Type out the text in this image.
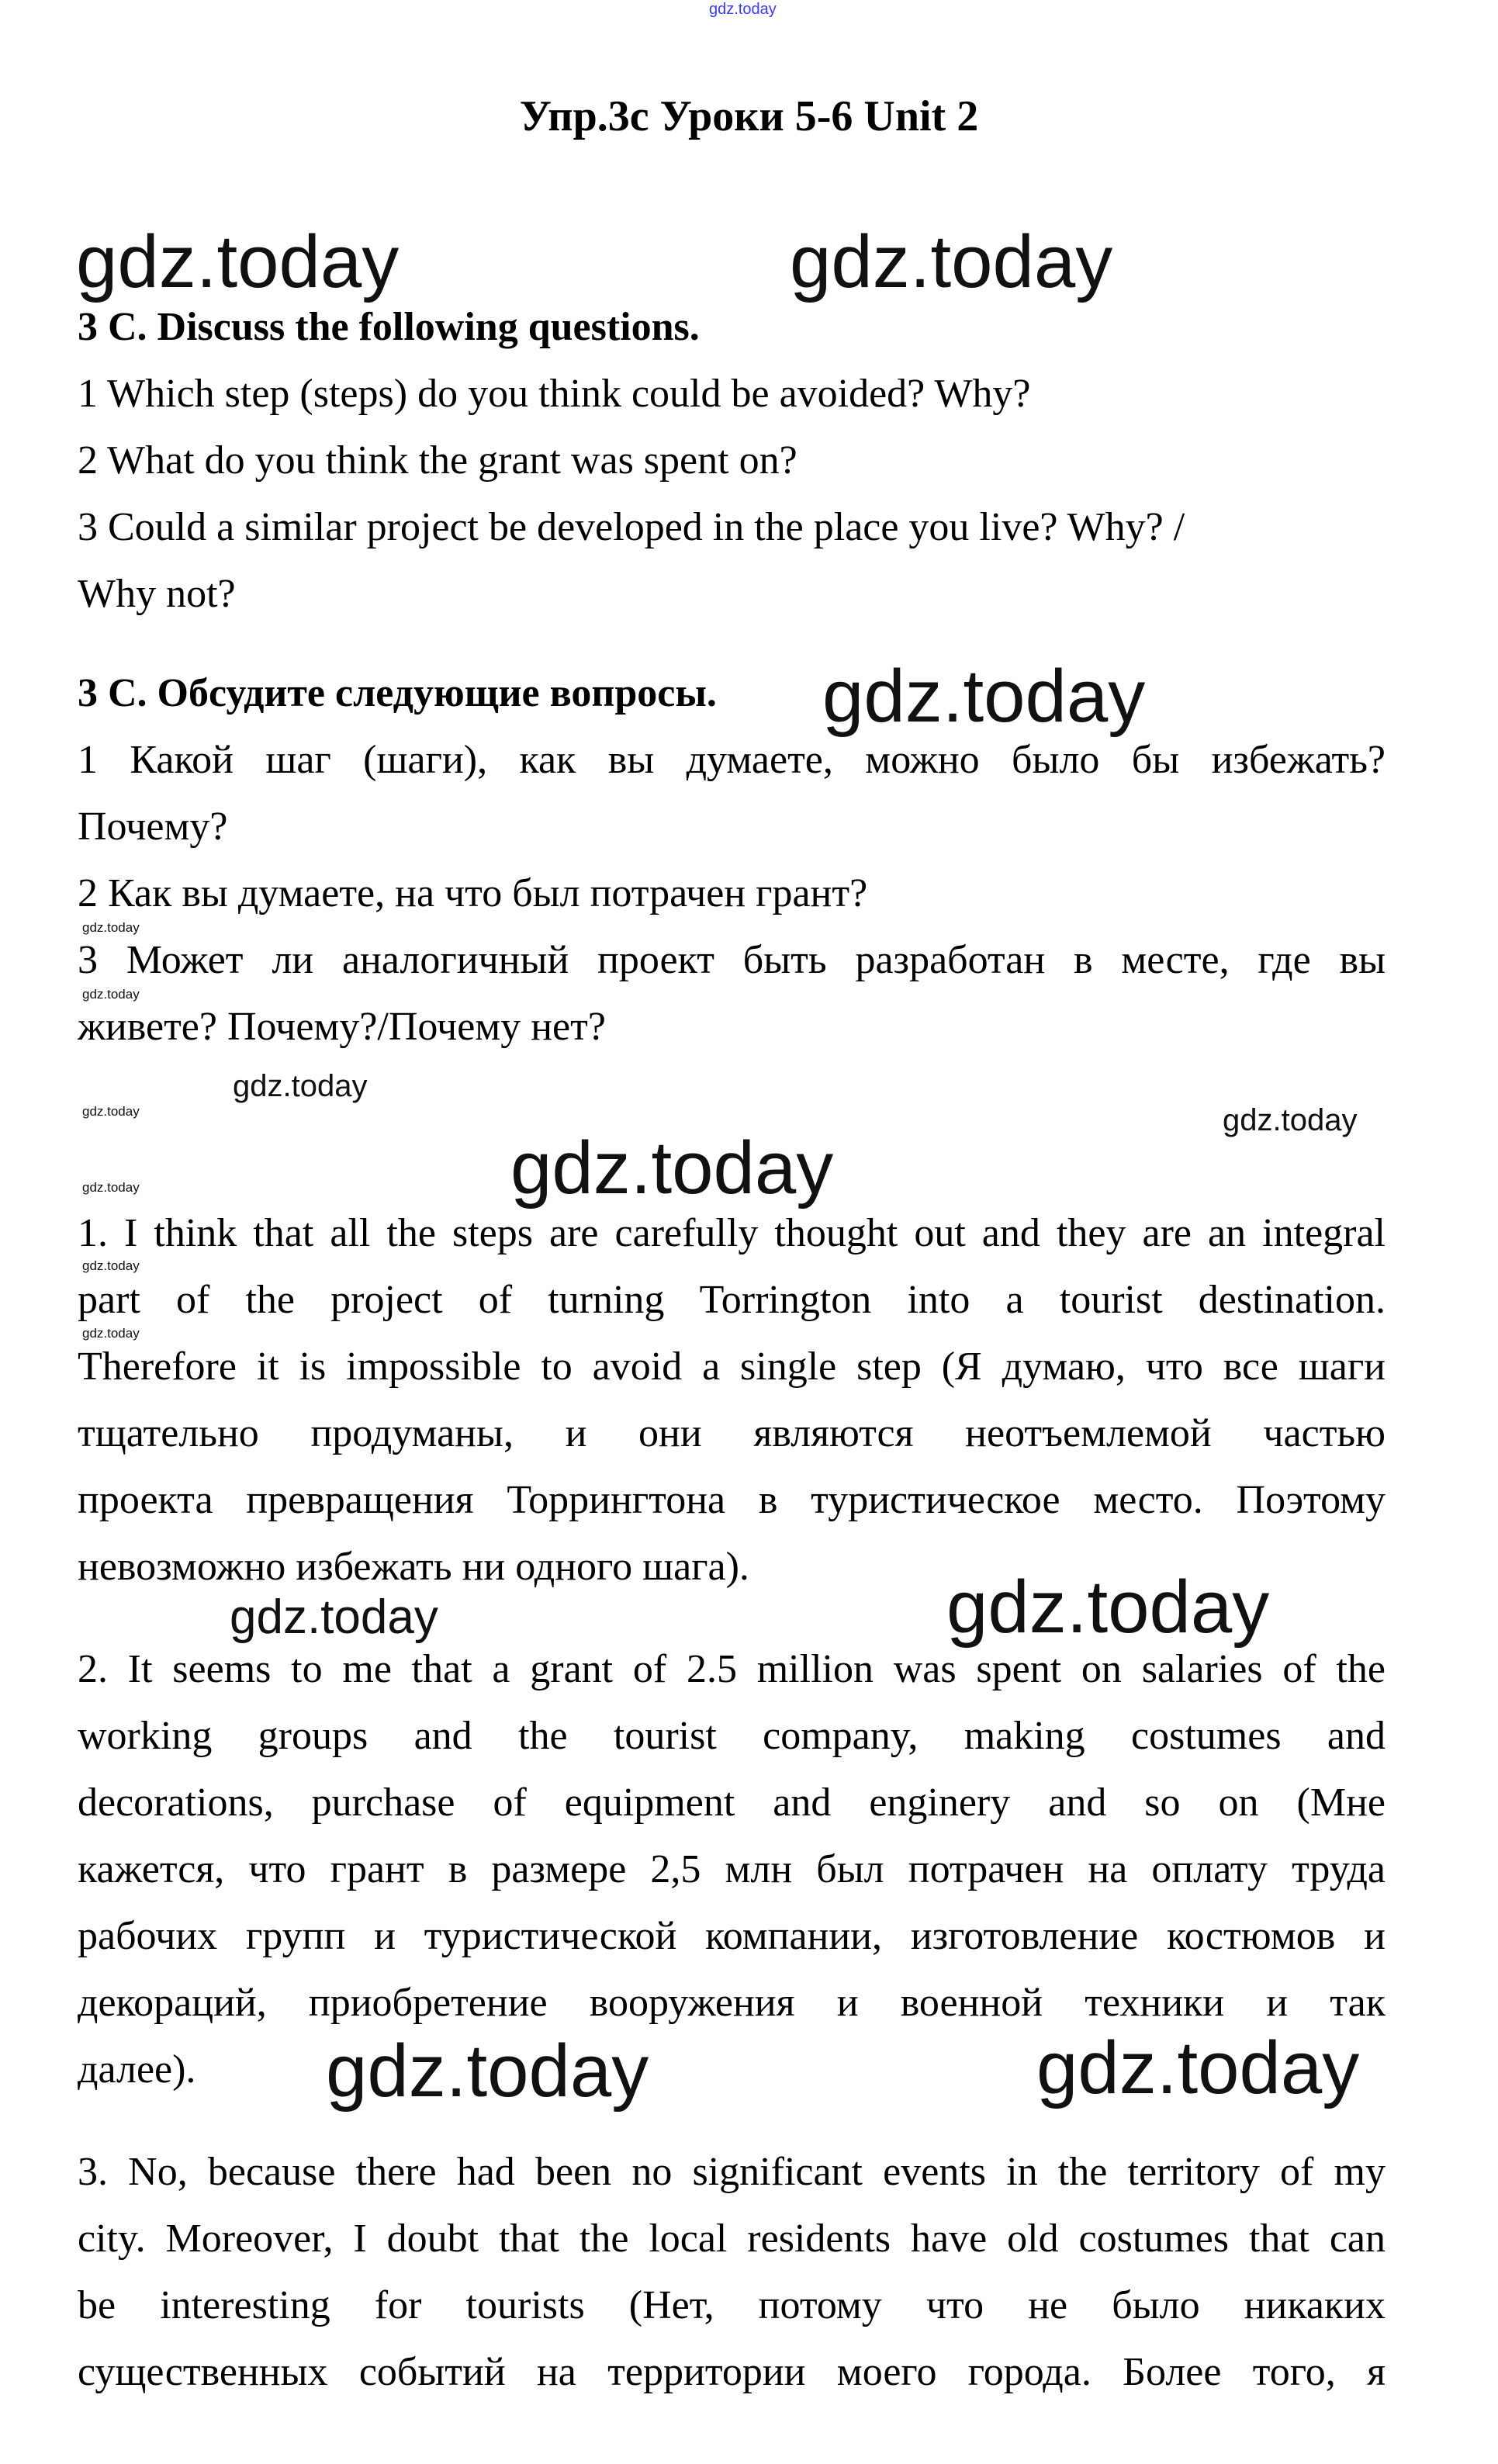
gdz.today
gdz.today	gdz.today
gdz.today
gdz.today
gdz.today
gdz.today
gdz.today	gdz.today
gdz.today	gdz.today
gdz.today
gdz.today
gdz.today	gdz.today
gdz.today	gdz.today
Упр.3c Уроки 5-6 Unit 2
3 C. Discuss the following questions.
1 Which step (steps) do you think could be avoided? Why?
2 What do you think the grant was spent on?
3 Could a similar project be developed in the place you live? Why? /
Why not?
3 C. Обсудите следующие вопросы.
1 Какой шаг (шаги), как вы думаете, можно было бы избежать?
Почему?
2 Как вы думаете, на что был потрачен грант?
3 Может ли аналогичный проект быть разработан в месте, где вы
живете? Почему?/Почему нет?
1. I think that all the steps are carefully thought out and they are an integral
part of the project of turning Torrington into a tourist destination.
Therefore it is impossible to avoid a single step (Я думаю, что все шаги
тщательно продуманы, и они являются неотъемлемой частью
проекта превращения Торрингтона в туристическое место. Поэтому
невозможно избежать ни одного шага).
2. It seems to me that a grant of 2.5 million was spent on salaries of the
working groups and the tourist company, making costumes and
decorations, purchase of equipment and enginery and so on (Мне
кажется, что грант в размере 2,5 млн был потрачен на оплату труда
рабочих групп и туристической компании, изготовление костюмов и
декораций, приобретение вооружения и военной техники и так
далее).
3. No, because there had been no significant events in the territory of my
city. Moreover, I doubt that the local residents have old costumes that can
be interesting for tourists (Нет, потому что не было никаких
существенных событий на территории моего города. Более того, я
